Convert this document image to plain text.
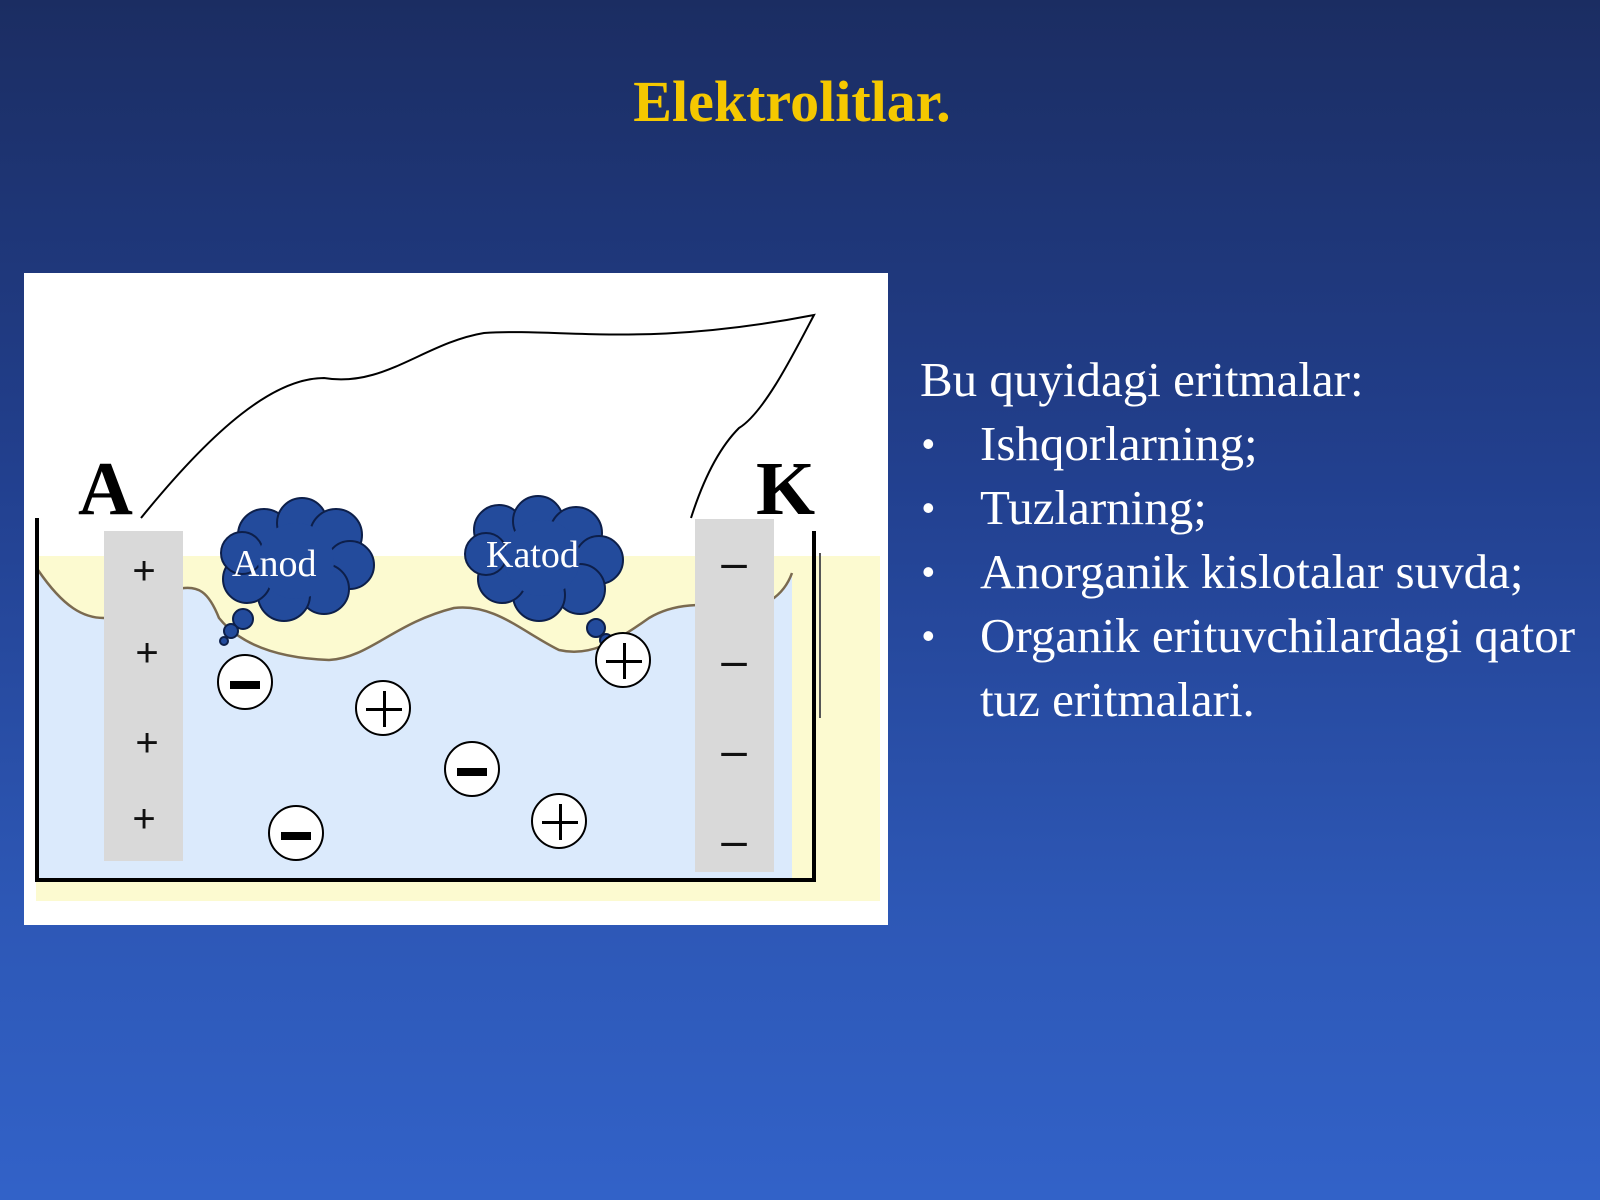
Elektrolitlar.
A	K
Anod	Katod
+
+
+
+
–
–
–
–

Bu quyidagi eritmalar:

• Ishqorlarning;
• Tuzlarning;
• Anorganik kislotalar suvda;
• Organik erituvchilardagi qator tuz eritmalari.
